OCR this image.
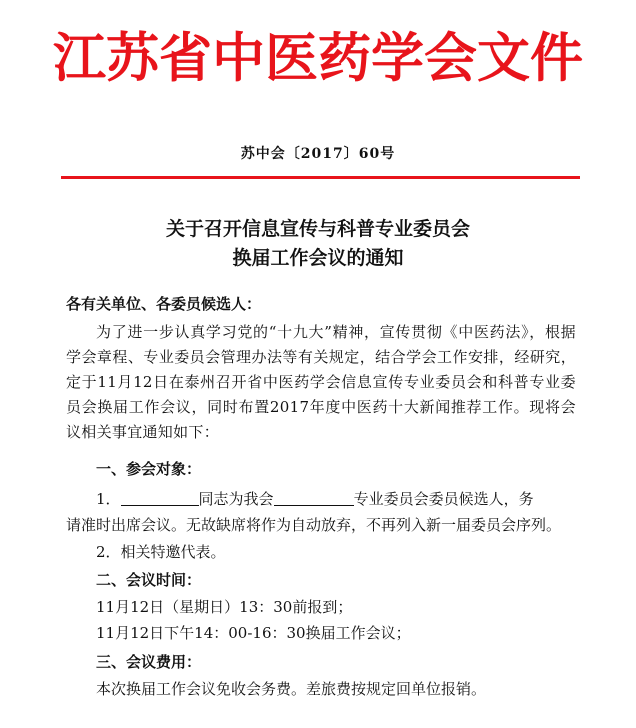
江苏省中医药学会文件
苏中会〔2017〕60号
关于召开信息宣传与科普专业委员会
换届工作会议的通知
各有关单位、各委员候选人：
为了进一步认真学习党的“十九大”精神，宣传贯彻《中医药法》，根据学会章程、专业委员会管理办法等有关规定，结合学会工作安排，经研究，定于11月12日在泰州召开省中医药学会信息宣传专业委员会和科普专业委员会换届工作会议，同时布置2017年度中医药十大新闻推荐工作。现将会议相关事宜通知如下：
一、参会对象：
1．	同志为我会	专业委员会委员候选人，务
请准时出席会议。无故缺席将作为自动放弃，不再列入新一届委员会序列。
2．相关特邀代表。
二、会议时间：
11月12日（星期日）13：30前报到；
11月12日下午14：00-16：30换届工作会议；
三、会议费用：
本次换届工作会议免收会务费。差旅费按规定回单位报销。
